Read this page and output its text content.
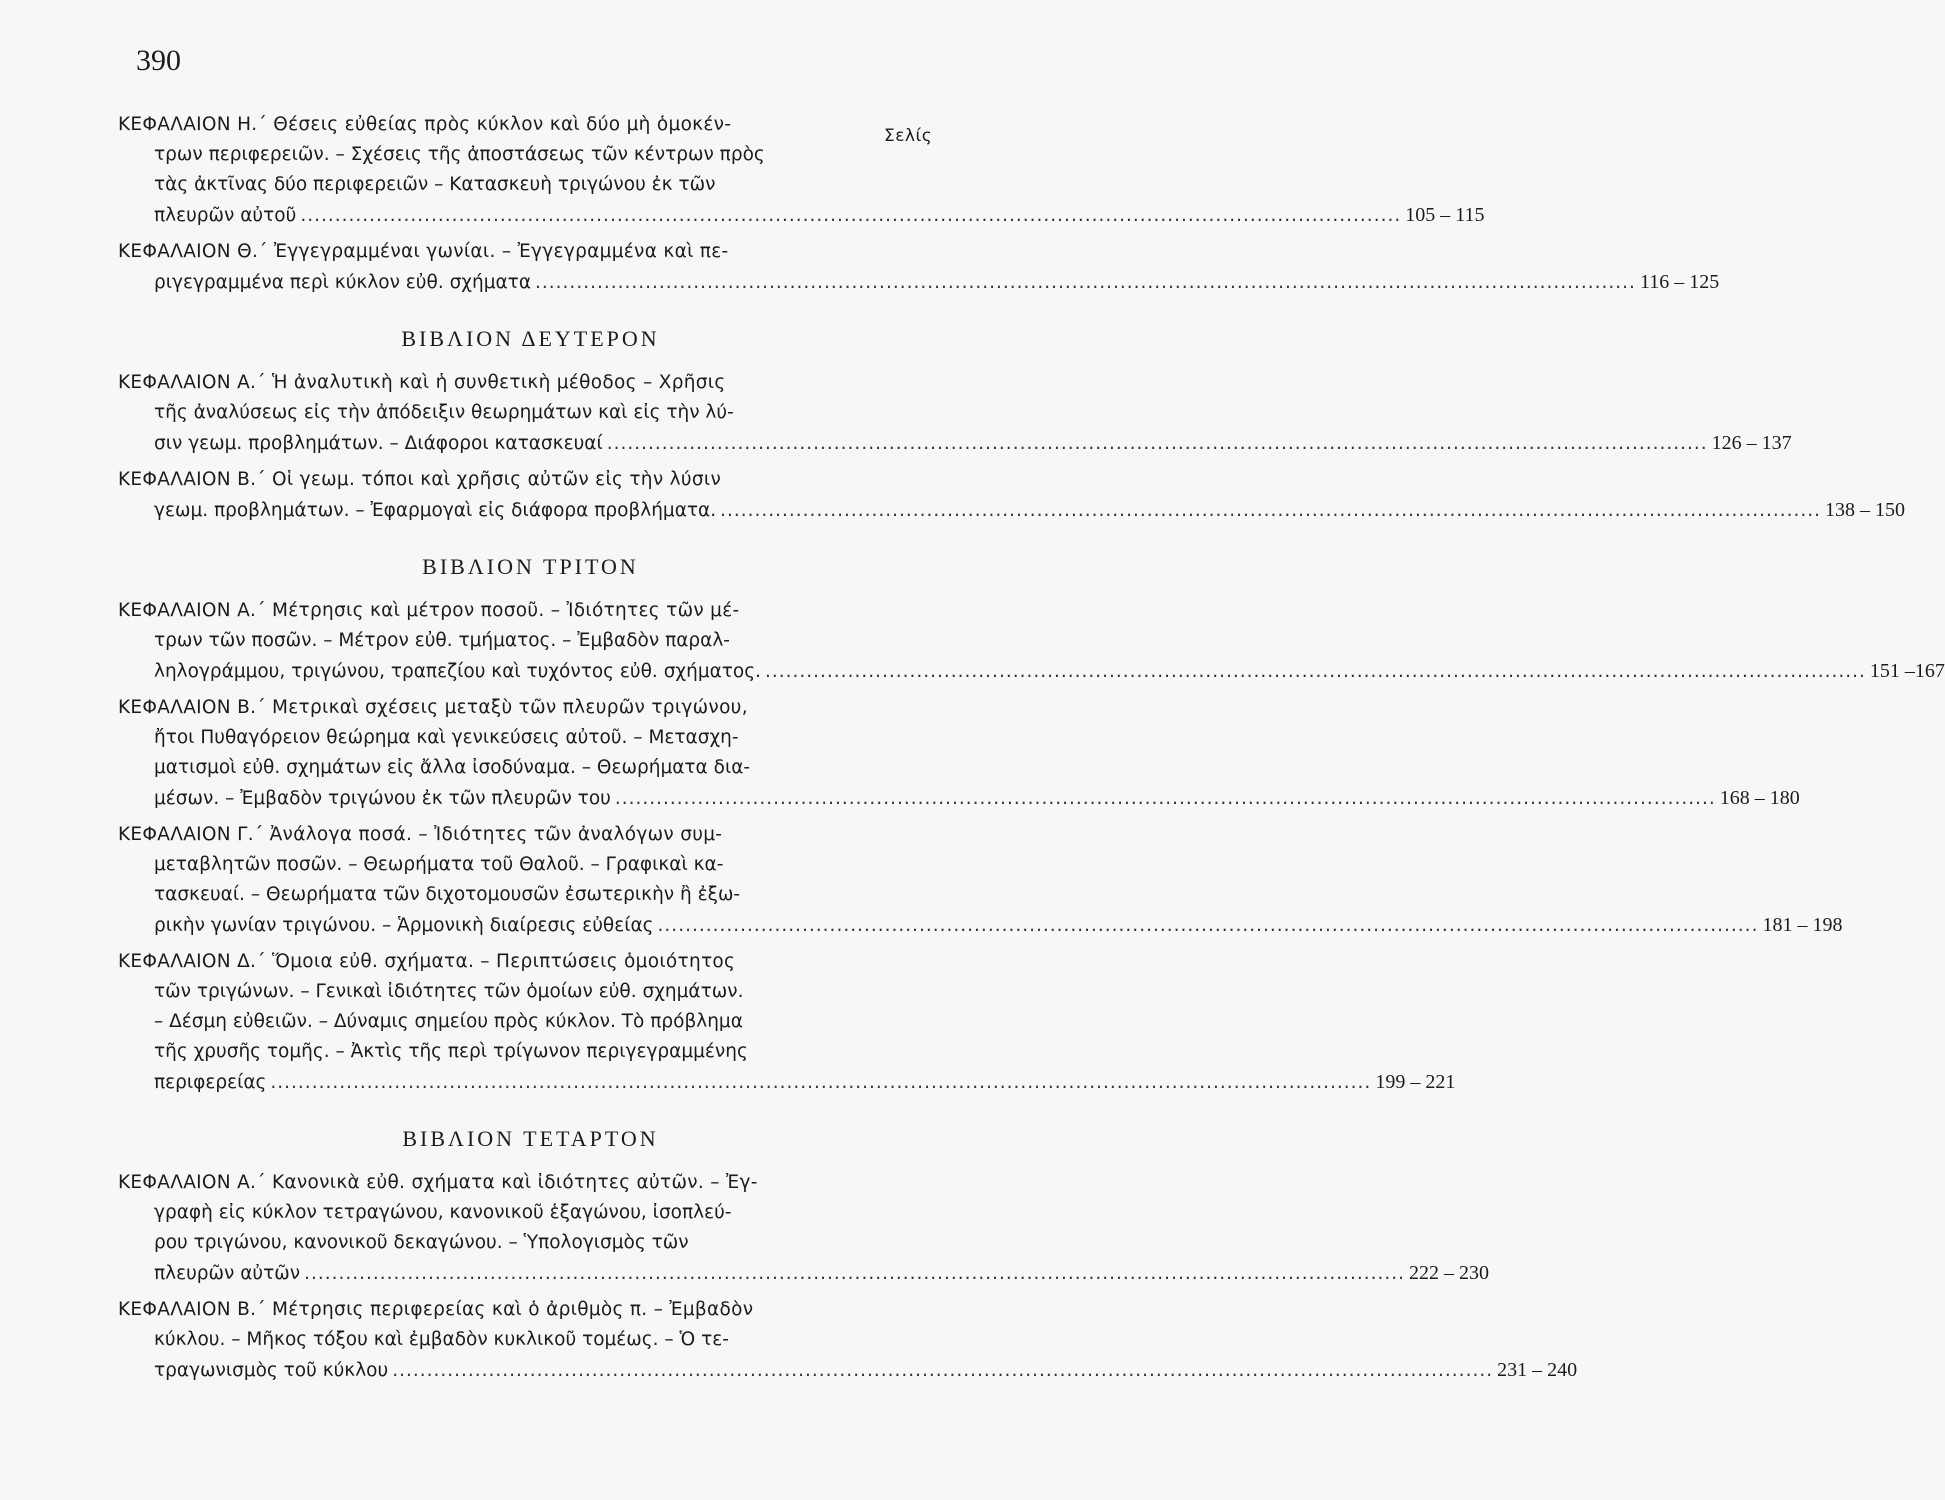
390
Σελίς
ΚΕΦΑΛΑΙΟΝ Η.΄ Θέσεις εὐθείας πρὸς κύκλον καὶ δύο μὴ ὁμοκέν-
τρων περιφερειῶν. – Σχέσεις τῆς ἀποστάσεως τῶν κέντρων πρὸς
τὰς ἀκτῖνας δύο περιφερειῶν – Κατασκευὴ τριγώνου ἐκ τῶν
πλευρῶν αὐτοῦ ................................................................................................................................................................ 105 – 115
ΚΕΦΑΛΑΙΟΝ Θ.΄ Ἐγγεγραμμέναι γωνίαι. – Ἐγγεγραμμένα καὶ πε-
ριγεγραμμένα περὶ κύκλον εὐθ. σχήματα ................................................................................................................................................................ 116 – 125
ΒΙΒΛΙΟΝ ΔΕΥΤΕΡΟΝ
ΚΕΦΑΛΑΙΟΝ Α.΄ Ἡ ἀναλυτικὴ καὶ ἡ συνθετικὴ μέθοδος – Χρῆσις
τῆς ἀναλύσεως εἰς τὴν ἀπόδειξιν θεωρημάτων καὶ εἰς τὴν λύ-
σιν γεωμ. προβλημάτων. – Διάφοροι κατασκευαί ................................................................................................................................................................ 126 – 137
ΚΕΦΑΛΑΙΟΝ Β.΄ Οἱ γεωμ. τόποι καὶ χρῆσις αὐτῶν εἰς τὴν λύσιν
γεωμ. προβλημάτων. – Ἐφαρμογαὶ εἰς διάφορα προβλήματα. ................................................................................................................................................................ 138 – 150
ΒΙΒΛΙΟΝ ΤΡΙΤΟΝ
ΚΕΦΑΛΑΙΟΝ Α.΄ Μέτρησις καὶ μέτρον ποσοῦ. – Ἰδιότητες τῶν μέ-
τρων τῶν ποσῶν. – Μέτρον εὐθ. τμήματος. – Ἐμβαδὸν παραλ-
ληλογράμμου, τριγώνου, τραπεζίου καὶ τυχόντος εὐθ. σχήματος. ................................................................................................................................................................ 151 –167
ΚΕΦΑΛΑΙΟΝ Β.΄ Μετρικαὶ σχέσεις μεταξὺ τῶν πλευρῶν τριγώνου,
ἤτοι Πυθαγόρειον θεώρημα καὶ γενικεύσεις αὐτοῦ. – Μετασχη-
ματισμοὶ εὐθ. σχημάτων εἰς ἄλλα ἰσοδύναμα. – Θεωρήματα δια-
μέσων. – Ἐμβαδὸν τριγώνου ἐκ τῶν πλευρῶν του ................................................................................................................................................................ 168 – 180
ΚΕΦΑΛΑΙΟΝ Γ.΄ Ἀνάλογα ποσά. – Ἰδιότητες τῶν ἀναλόγων συμ-
μεταβλητῶν ποσῶν. – Θεωρήματα τοῦ Θαλοῦ. – Γραφικαὶ κα-
τασκευαί. – Θεωρήματα τῶν διχοτομουσῶν ἐσωτερικὴν ἢ ἐξω-
ρικὴν γωνίαν τριγώνου. – Ἁρμονικὴ διαίρεσις εὐθείας ................................................................................................................................................................ 181 – 198
ΚΕΦΑΛΑΙΟΝ Δ.΄ Ὅμοια εὐθ. σχήματα. – Περιπτώσεις ὁμοιότητος
τῶν τριγώνων. – Γενικαὶ ἰδιότητες τῶν ὁμοίων εὐθ. σχημάτων.
– Δέσμη εὐθειῶν. – Δύναμις σημείου πρὸς κύκλον. Τὸ πρόβλημα
τῆς χρυσῆς τομῆς. – Ἀκτὶς τῆς περὶ τρίγωνον περιγεγραμμένης
περιφερείας ................................................................................................................................................................ 199 – 221
ΒΙΒΛΙΟΝ ΤΕΤΑΡΤΟΝ
ΚΕΦΑΛΑΙΟΝ Α.΄ Κανονικὰ εὐθ. σχήματα καὶ ἰδιότητες αὐτῶν. – Ἐγ-
γραφὴ εἰς κύκλον τετραγώνου, κανονικοῦ ἑξαγώνου, ἰσοπλεύ-
ρου τριγώνου, κανονικοῦ δεκαγώνου. – Ὑπολογισμὸς τῶν
πλευρῶν αὐτῶν ................................................................................................................................................................ 222 – 230
ΚΕΦΑΛΑΙΟΝ Β.΄ Μέτρησις περιφερείας καὶ ὁ ἀριθμὸς π. – Ἐμβαδὸν
κύκλου. – Μῆκος τόξου καὶ ἐμβαδὸν κυκλικοῦ τομέως. – Ὁ τε-
τραγωνισμὸς τοῦ κύκλου ................................................................................................................................................................ 231 – 240
